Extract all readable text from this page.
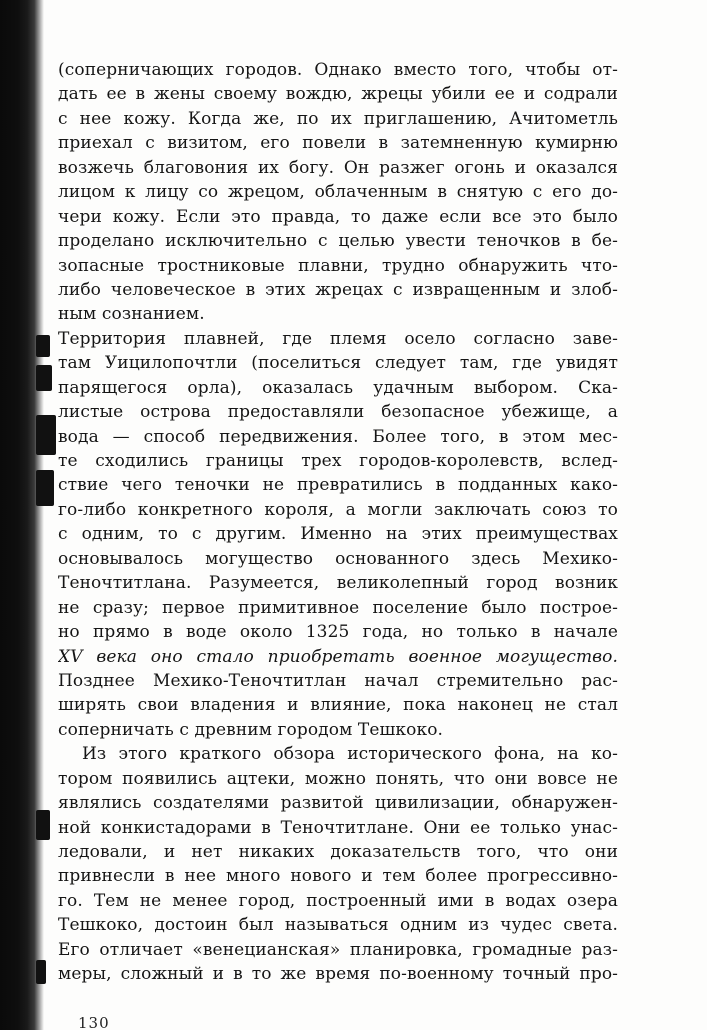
(соперничающих городов. Однако вместо того, чтобы от-
дать ее в жены своему вождю, жрецы убили ее и содрали
с нее кожу. Когда же, по их приглашению, Ачитометль
приехал с визитом, его повели в затемненную кумирню
возжечь благовония их богу. Он разжег огонь и оказался
лицом к лицу со жрецом, облаченным в снятую с его до-
чери кожу. Если это правда, то даже если все это было
проделано исключительно с целью увести теночков в бе-
зопасные тростниковые плавни, трудно обнаружить что-
либо человеческое в этих жрецах с извращенным и злоб-
ным сознанием.
Территория плавней, где племя осело согласно заве-
там Уицилопочтли (поселиться следует там, где увидят
парящегося орла), оказалась удачным выбором. Ска-
листые острова предоставляли безопасное убежище, а
вода — способ передвижения. Более того, в этом мес-
те сходились границы трех городов-королевств, вслед-
ствие чего теночки не превратились в подданных како-
го-либо конкретного короля, а могли заключать союз то
с одним, то с другим. Именно на этих преимуществах
основывалось могущество основанного здесь Мехико-
Теночтитлана. Разумеется, великолепный город возник
не сразу; первое примитивное поселение было построе-
но прямо в воде около 1325 года, но только в начале
XV века оно стало приобретать военное могущество.
Позднее Мехико-Теночтитлан начал стремительно рас-
ширять свои владения и влияние, пока наконец не стал
соперничать с древним городом Тешкоко.
Из этого краткого обзора исторического фона, на ко-
тором появились ацтеки, можно понять, что они вовсе не
являлись создателями развитой цивилизации, обнаружен-
ной конкистадорами в Теночтитлане. Они ее только унас-
ледовали, и нет никаких доказательств того, что они
привнесли в нее много нового и тем более прогрессивно-
го. Тем не менее город, построенный ими в водах озера
Тешкоко, достоин был называться одним из чудес света.
Его отличает «венецианская» планировка, громадные раз-
меры, сложный и в то же время по-военному точный про-
130
